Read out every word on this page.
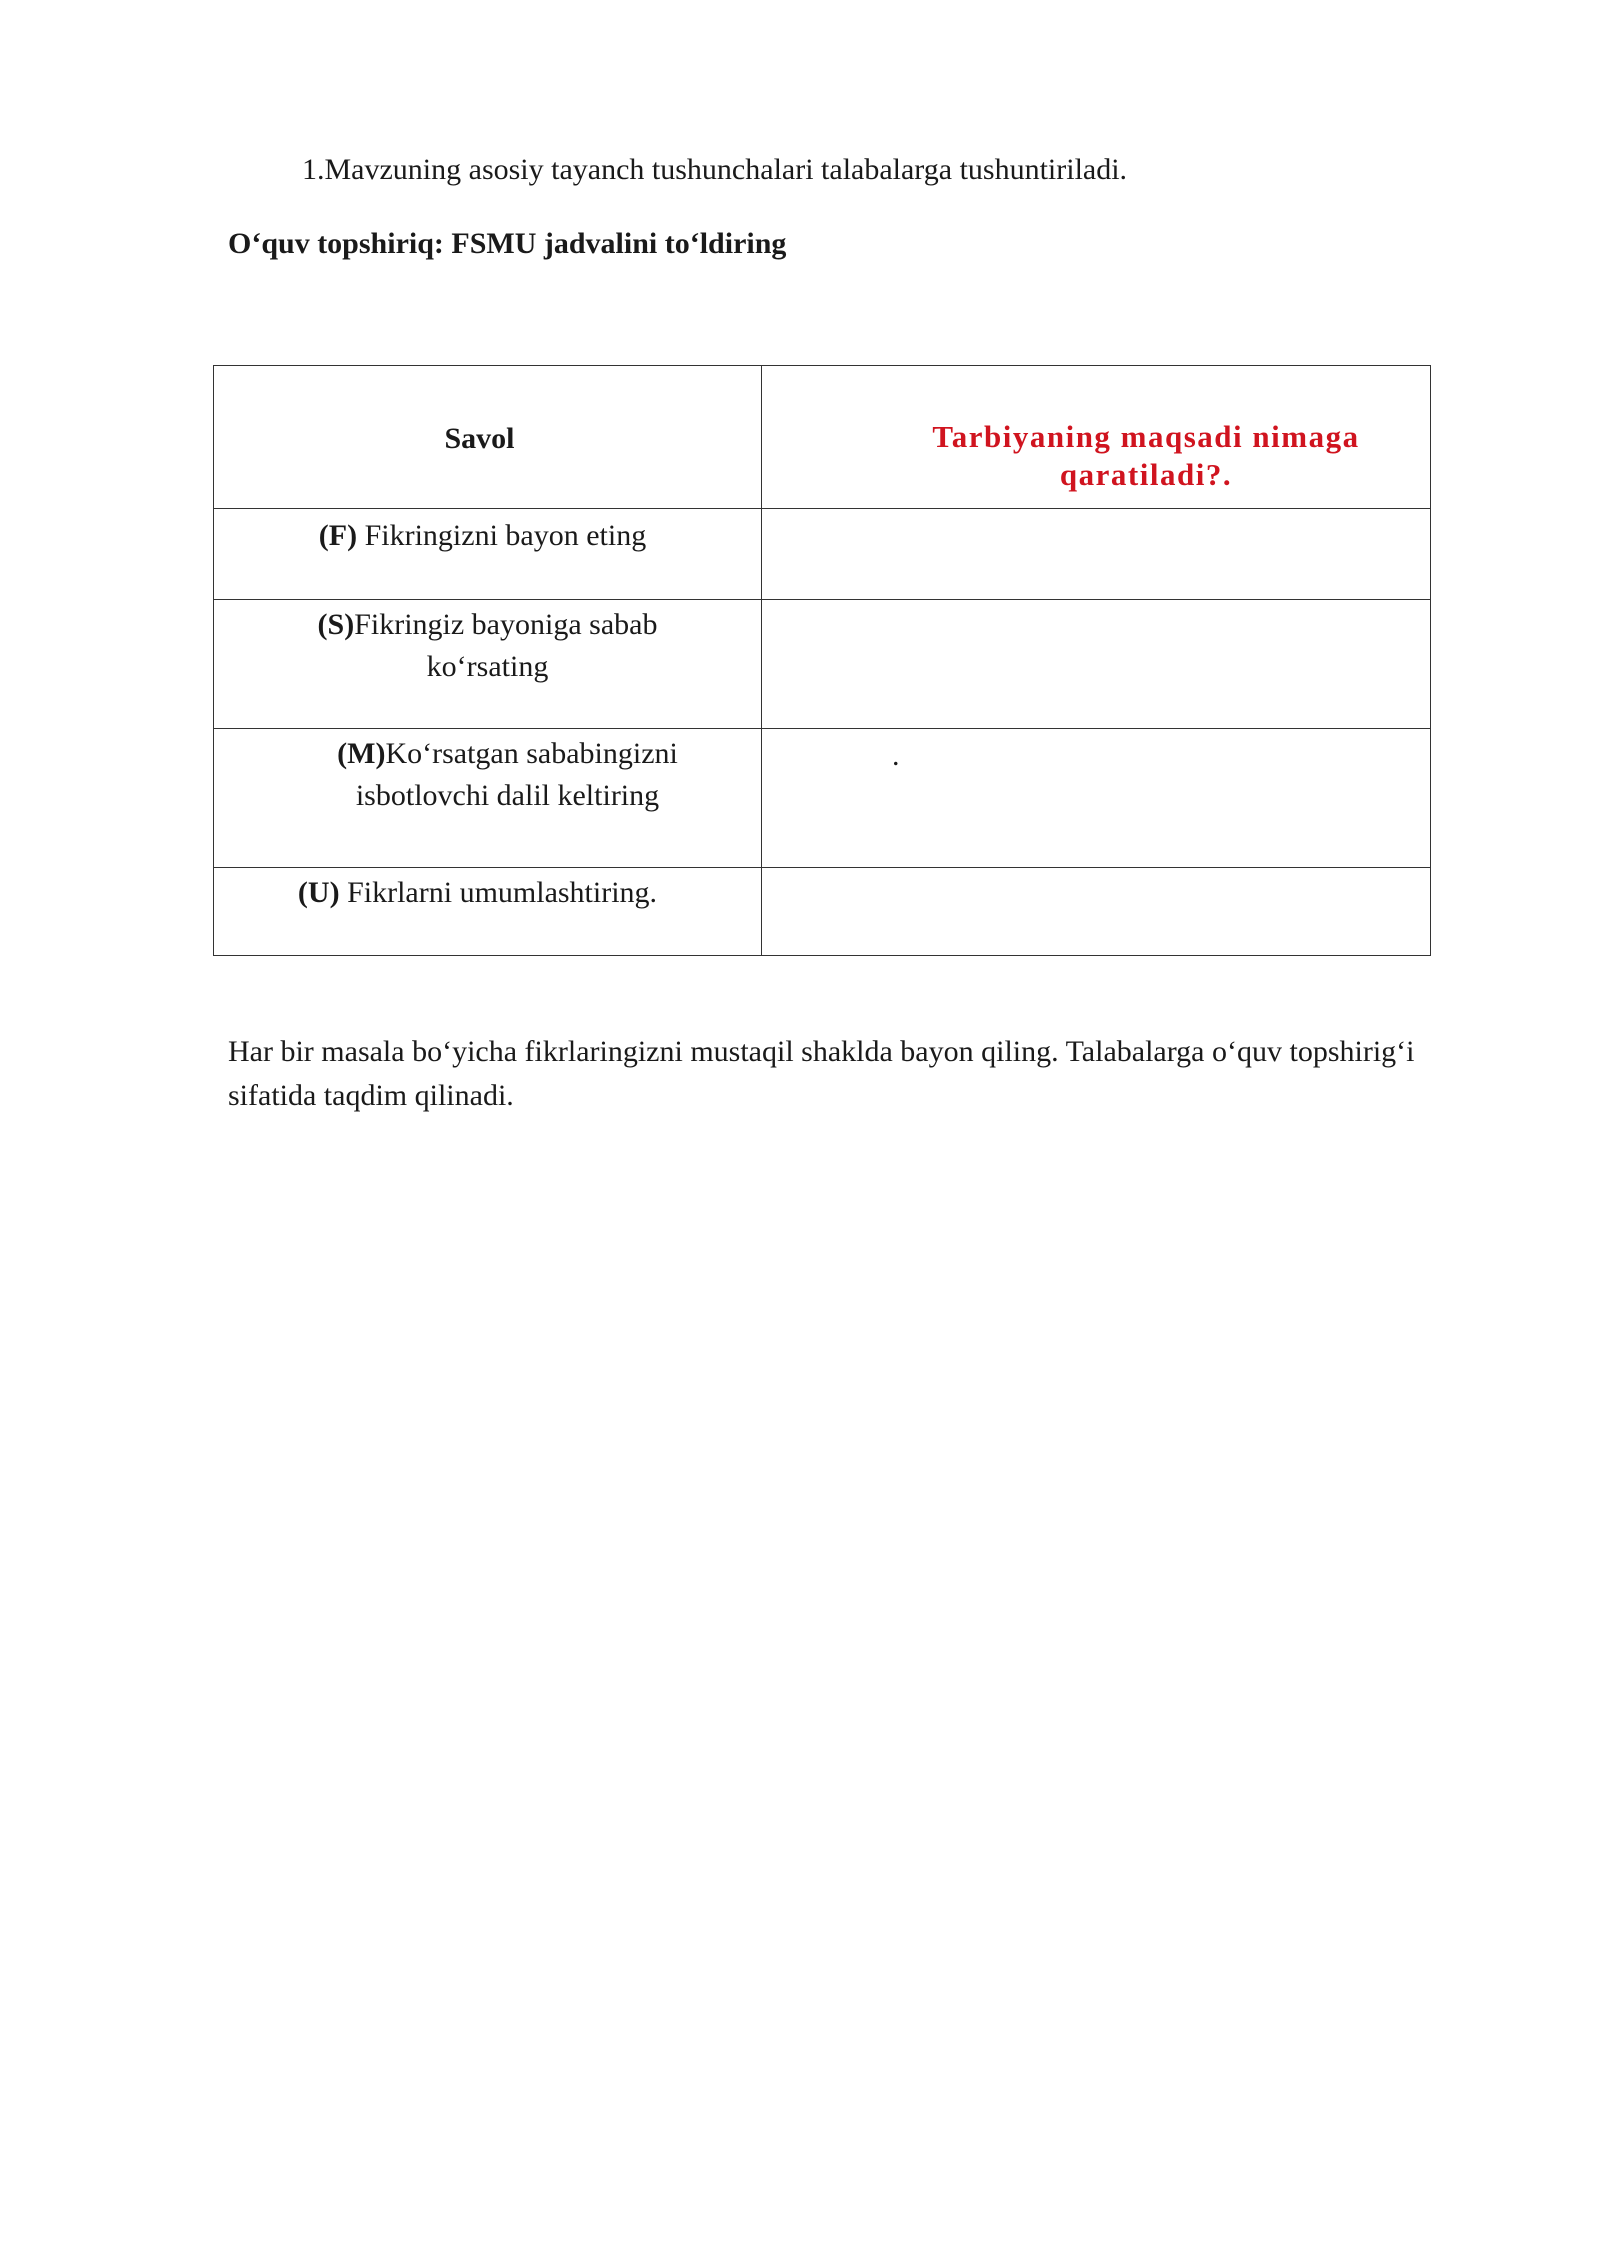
1.Mavzuning asosiy tayanch tushunchalari talabalarga tushuntiriladi.
O‘quv topshiriq: FSMU jadvalini to‘ldiring
Savol	Tarbiyaning maqsadi nimaga qaratiladi?.

(F) Fikringizni bayon eting	

(S)Fikringiz bayoniga sabab ko‘rsating	

(M)Ko‘rsatgan sababingizni isbotlovchi dalil keltiring	.

(U) Fikrlarni umumlashtiring.	

Har bir masala bo‘yicha fikrlaringizni mustaqil shaklda bayon qiling. Talabalarga o‘quv topshirig‘i sifatida taqdim qilinadi.
